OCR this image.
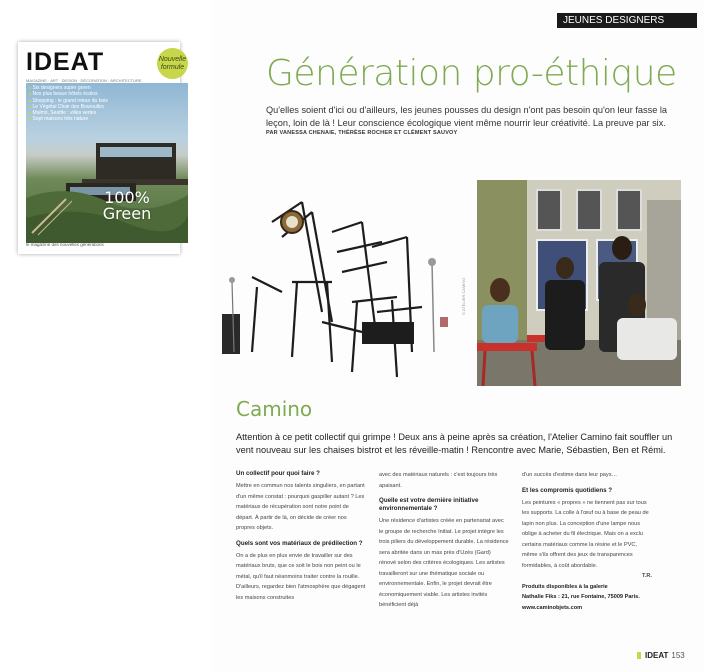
IDEAT	Nouvelle formule
MAGAZINE · ART · DESIGN · DÉCORATION · ARCHITECTURE
■ Six designers super green
■ Nos plus beaux hôtels écolos
■ Shopping : le grand retour du bois
■ Le Végétal Chair des Bouroullec
■ Malmö, Seattle : villes vertes
■ Sept maisons très nature
100% Green
le magazine des nouvelles générations
JEUNES DESIGNERS
Génération pro-éthique
Qu'elles soient d'ici ou d'ailleurs, les jeunes pousses du design n'ont pas besoin qu'on leur fasse la leçon, loin de là ! Leur conscience écologique vient même nourrir leur créativité. La preuve par six.
PAR VANESSA CHENAIE, THÉRÈSE ROCHER ET CLÉMENT SAUVOY
© ATELIER CAMINO
Camino
Attention à ce petit collectif qui grimpe ! Deux ans à peine après sa création, l'Atelier Camino fait souffler un vent nouveau sur les chaises bistrot et les réveille-matin ! Rencontre avec Marie, Sébastien, Ben et Rémi.
Un collectif pour quoi faire ?

Mettre en commun nos talents singuliers, en partant d'un même constat : pourquoi gaspiller autant ? Les matériaux de récupération sont notre point de départ. À partir de là, on décide de créer nos propres objets.

Quels sont vos matériaux de prédilection ?

On a de plus en plus envie de travailler sur des matériaux bruts, que ce soit le bois non peint ou le métal, qu'il faut néanmoins traiter contre la rouille. D'ailleurs, regardez bien l'atmosphère que dégagent les maisons construites

avec des matériaux naturels : c'est toujours très apaisant.

Quelle est votre dernière initiative environnementale ?

Une résidence d'artistes créée en partenariat avec le groupe de recherche Initiat. Le projet intègre les trois piliers du développement durable. La résidence sera abritée dans un mas près d'Uzès (Gard) rénové selon des critères écologiques. Les artistes travailleront sur une thématique sociale ou environnementale. Enfin, le projet devrait être économiquement viable. Les artistes invités bénéficient déjà

d'un succès d'estime dans leur pays…

Et les compromis quotidiens ?

Les peintures « propres » ne tiennent pas sur tous les supports. La colle à l'œuf ou à base de peau de lapin non plus. La conception d'une lampe nous oblige à acheter du fil électrique. Mais on a exclu certains matériaux comme la résine et le PVC, même s'ils offrent des jeux de transparences formidables, à coût abordable.

T.R.

Produits disponibles à la galerie

Nathalie Fiks : 21, rue Fontaine, 75009 Paris.

www.caminobjets.com

IDEAT 153
